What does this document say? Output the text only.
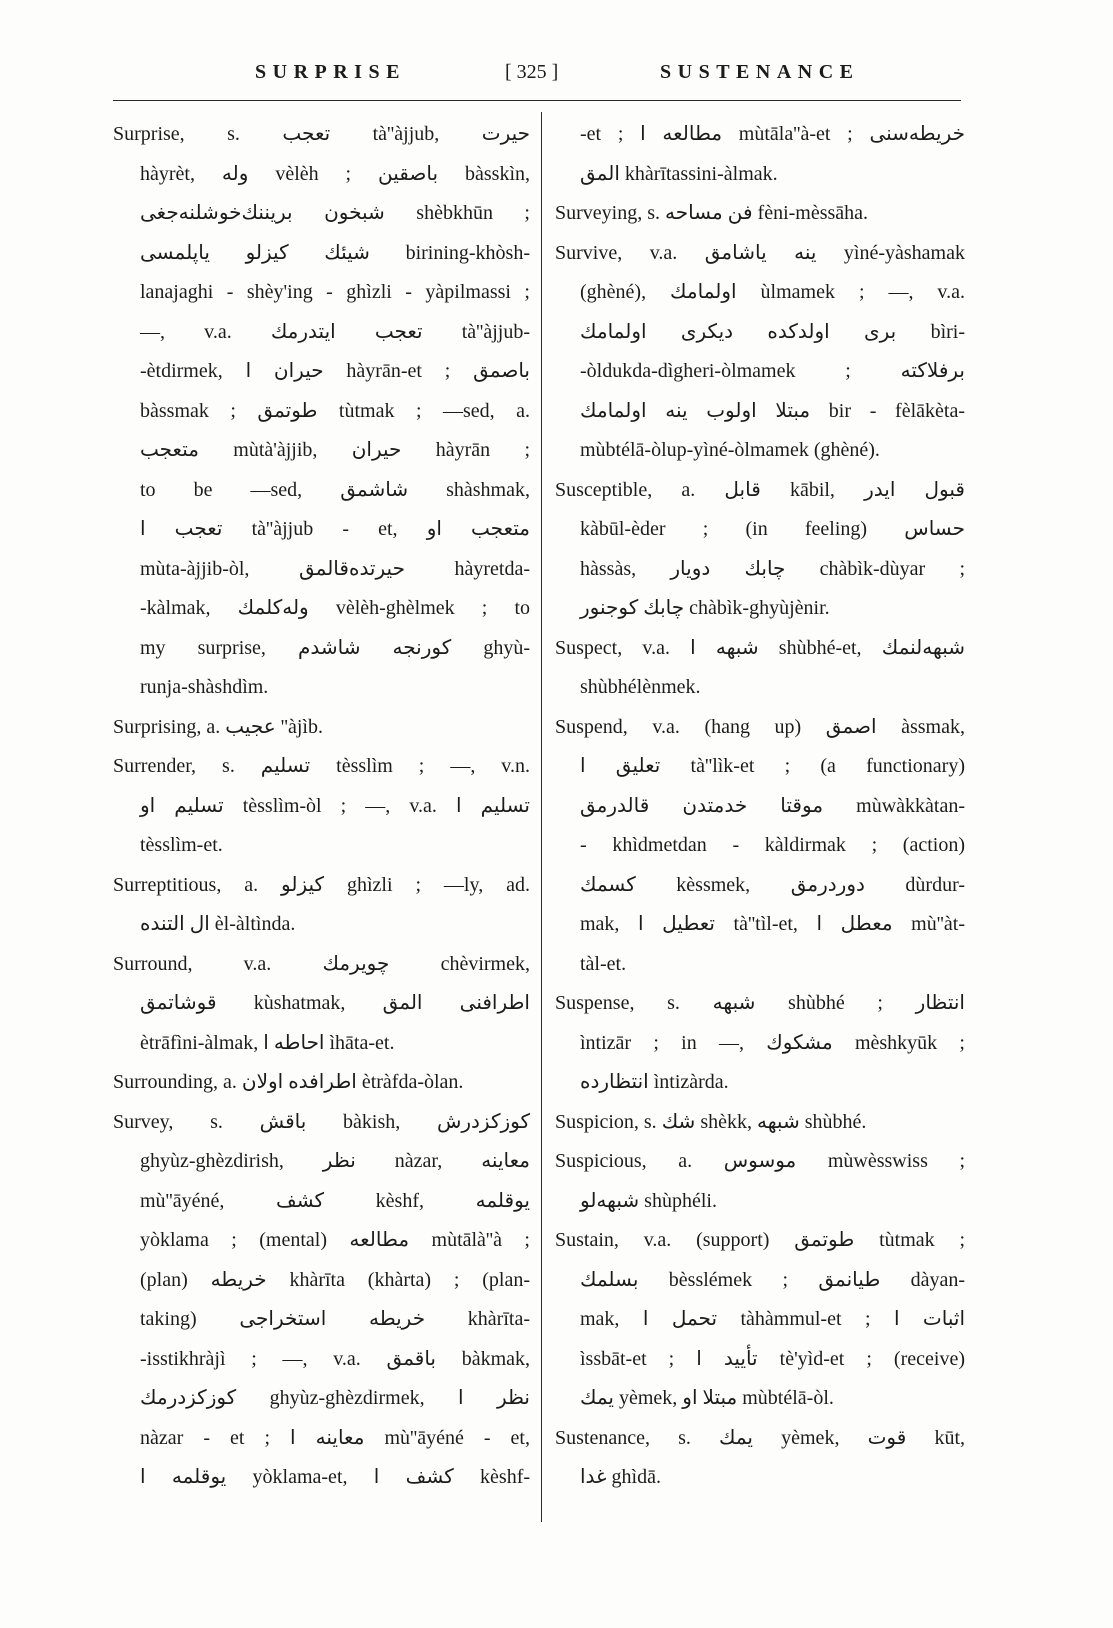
SURPRISE	[ 325 ]	SUSTENANCE
Surprise, s. تعجب tà''àjjub, حيرت
hàyrèt, وله vèlèh ; باصقين bàsskìn,
شبخون بريننك‌خوشلنه‌جغى shèbkhūn ;
شيئك كيزلو ياپلمسى birining-khòsh-
lanajaghi - shèy'ing - ghìzli - yàpilmassi ;
—, v.a. تعجب ايتدرمك tà''àjjub-
-ètdirmek, حيران ا hàyrān-et ; باصمق
bàssmak ; طوتمق tùtmak ; —sed, a.
متعجب mùtà'àjjib, حيران hàyrān ;
to be —sed, شاشمق shàshmak,
تعجب ا tà''àjjub - et, متعجب او
mùta-àjjib-òl, حيرتده‌قالمق hàyretda-
-kàlmak, وله‌كلمك vèlèh-ghèlmek ; to
my surprise, كورنجه شاشدم ghyù-
runja-shàshdìm.
Surprising, a. عجيب ''àjìb.
Surrender, s. تسليم tèsslìm ; —, v.n.
تسليم او tèsslìm-òl ; —, v.a. تسليم ا
tèsslìm-et.
Surreptitious, a. كيزلو ghìzli ; —ly, ad.
ال التنده èl-àltìnda.
Surround, v.a. چويرمك chèvirmek,
قوشاتمق kùshatmak, اطرافنى المق
ètrāfìni-àlmak, احاطه ا ìhāta-et.
Surrounding, a. اطرافده اولان ètràfda-òlan.
Survey, s. باقش bàkish, كوزكزدرش
ghyùz-ghèzdirish, نظر nàzar, معاينه
mù''āyéné, كشف kèshf, يوقلمه
yòklama ; (mental) مطالعه mùtālà''à ;
(plan) خريطه khàrīta (khàrta) ; (plan-
taking) خريطه استخراجى khàrīta-
-isstikhràjì ; —, v.a. باقمق bàkmak,
كوزكزدرمك ghyùz-ghèzdirmek, نظر ا
nàzar - et ; معاينه ا mù''āyéné - et,
يوقلمه ا yòklama-et, كشف ا kèshf-
-et ; مطالعه ا mùtāla''à-et ; خريطه‌سنى
المق khàrītassini-àlmak.
Surveying, s. فن مساحه fèni-mèssāha.
Survive, v.a. ينه ياشامق yìné-yàshamak
(ghèné), اولمامك ùlmamek ; —, v.a.
برى اولدكده ديكرى اولمامك bìri-
-òldukda-dìgheri-òlmamek ; برفلاكته
مبتلا اولوب ينه اولمامك bir - fèlākèta-
mùbtélā-òlup-yìné-òlmamek (ghèné).
Susceptible, a. قابل kābil, قبول ايدر
kàbūl-èder ; (in feeling) حساس
hàssàs, چابك دويار chàbìk-dùyar ;
چابك كوجنور chàbìk-ghyùjènir.
Suspect, v.a. شبهه ا shùbhé-et, شبهه‌لنمك
shùbhélènmek.
Suspend, v.a. (hang up) اصمق àssmak,
تعليق ا tà''lìk-et ; (a functionary)
موقتا خدمتدن قالدرمق mùwàkkàtan-
- khìdmetdan - kàldirmak ; (action)
كسمك kèssmek, دوردرمق dùrdur-
mak, تعطيل ا tà''tìl-et, معطل ا mù''àt-
tàl-et.
Suspense, s. شبهه shùbhé ; انتظار
ìntizār ; in —, مشكوك mèshkyūk ;
انتظارده ìntizàrda.
Suspicion, s. شك shèkk, شبهه shùbhé.
Suspicious, a. موسوس mùwèsswiss ;
شبهه‌لو shùphéli.
Sustain, v.a. (support) طوتمق tùtmak ;
بسلمك bèsslémek ; طيانمق dàyan-
mak, تحمل ا tàhàmmul-et ; اثبات ا
ìssbāt-et ; تأييد ا tè'yìd-et ; (receive)
يمك yèmek, مبتلا او mùbtélā-òl.
Sustenance, s. يمك yèmek, قوت kūt,
غدا ghìdā.
